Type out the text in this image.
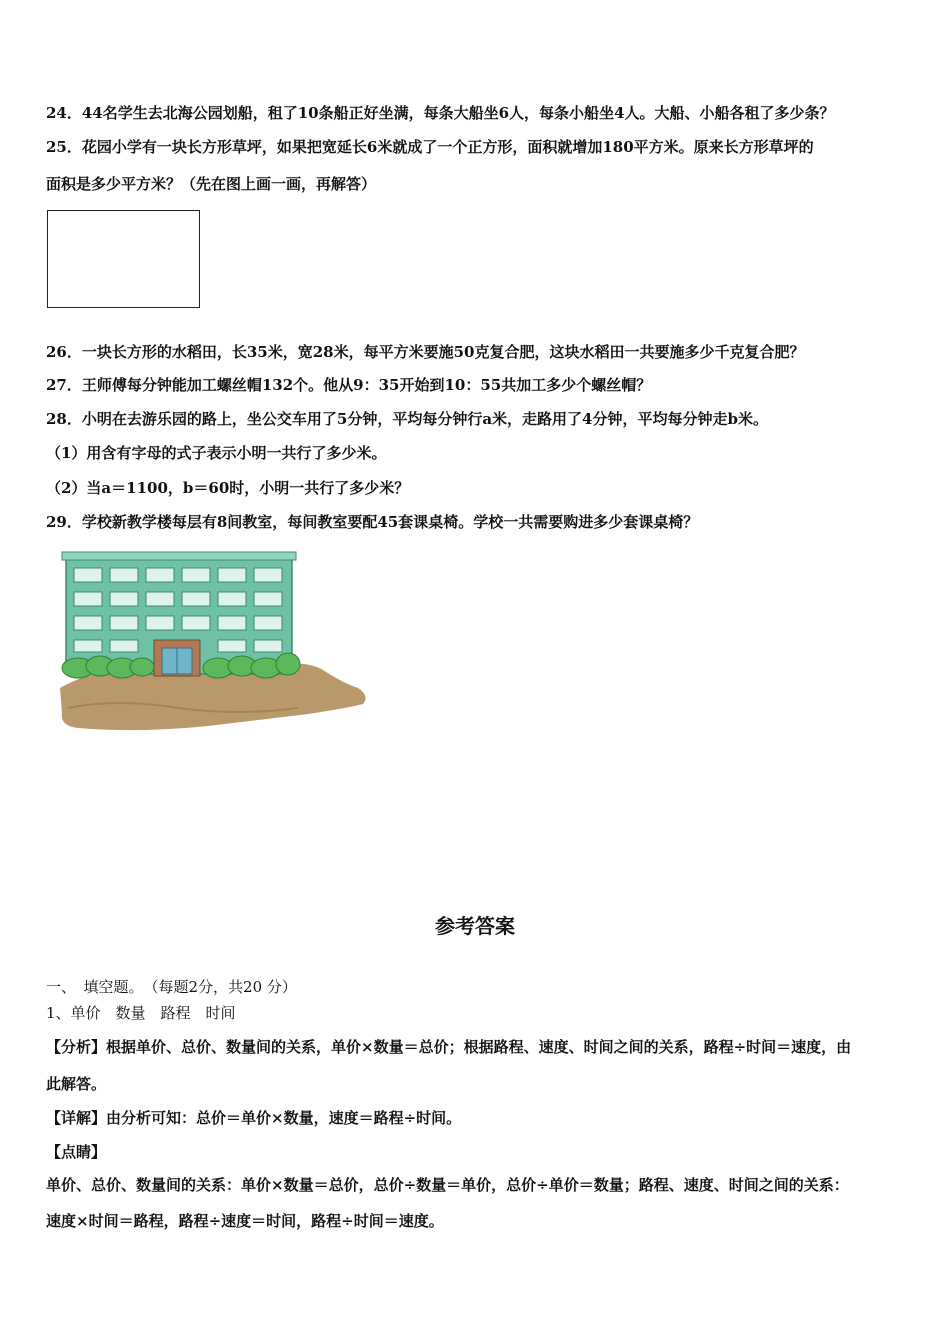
24．44名学生去北海公园划船，租了10条船正好坐满，每条大船坐6人，每条小船坐4人。大船、小船各租了多少条？
25．花园小学有一块长方形草坪，如果把宽延长6米就成了一个正方形，面积就增加180平方米。原来长方形草坪的
面积是多少平方米？（先在图上画一画，再解答）
26．一块长方形的水稻田，长35米，宽28米，每平方米要施50克复合肥，这块水稻田一共要施多少千克复合肥？
27．王师傅每分钟能加工螺丝帽132个。他从9：35开始到10：55共加工多少个螺丝帽？
28．小明在去游乐园的路上，坐公交车用了5分钟，平均每分钟行a米，走路用了4分钟，平均每分钟走b米。
（1）用含有字母的式子表示小明一共行了多少米。
（2）当a＝1100，b＝60时，小明一共行了多少米？
29．学校新教学楼每层有8间教室，每间教室要配45套课桌椅。学校一共需要购进多少套课桌椅？
参考答案
一、　填空题。　（每题2分，共20 分）
1、单价　数量　路程　时间
【分析】根据单价、总价、数量间的关系，单价×数量＝总价；根据路程、速度、时间之间的关系，路程÷时间＝速度，由
此解答。
【详解】由分析可知：总价＝单价×数量，速度＝路程÷时间。
【点睛】
单价、总价、数量间的关系：单价×数量＝总价，总价÷数量＝单价，总价÷单价＝数量；路程、速度、时间之间的关系：
速度×时间＝路程，路程÷速度＝时间，路程÷时间＝速度。
